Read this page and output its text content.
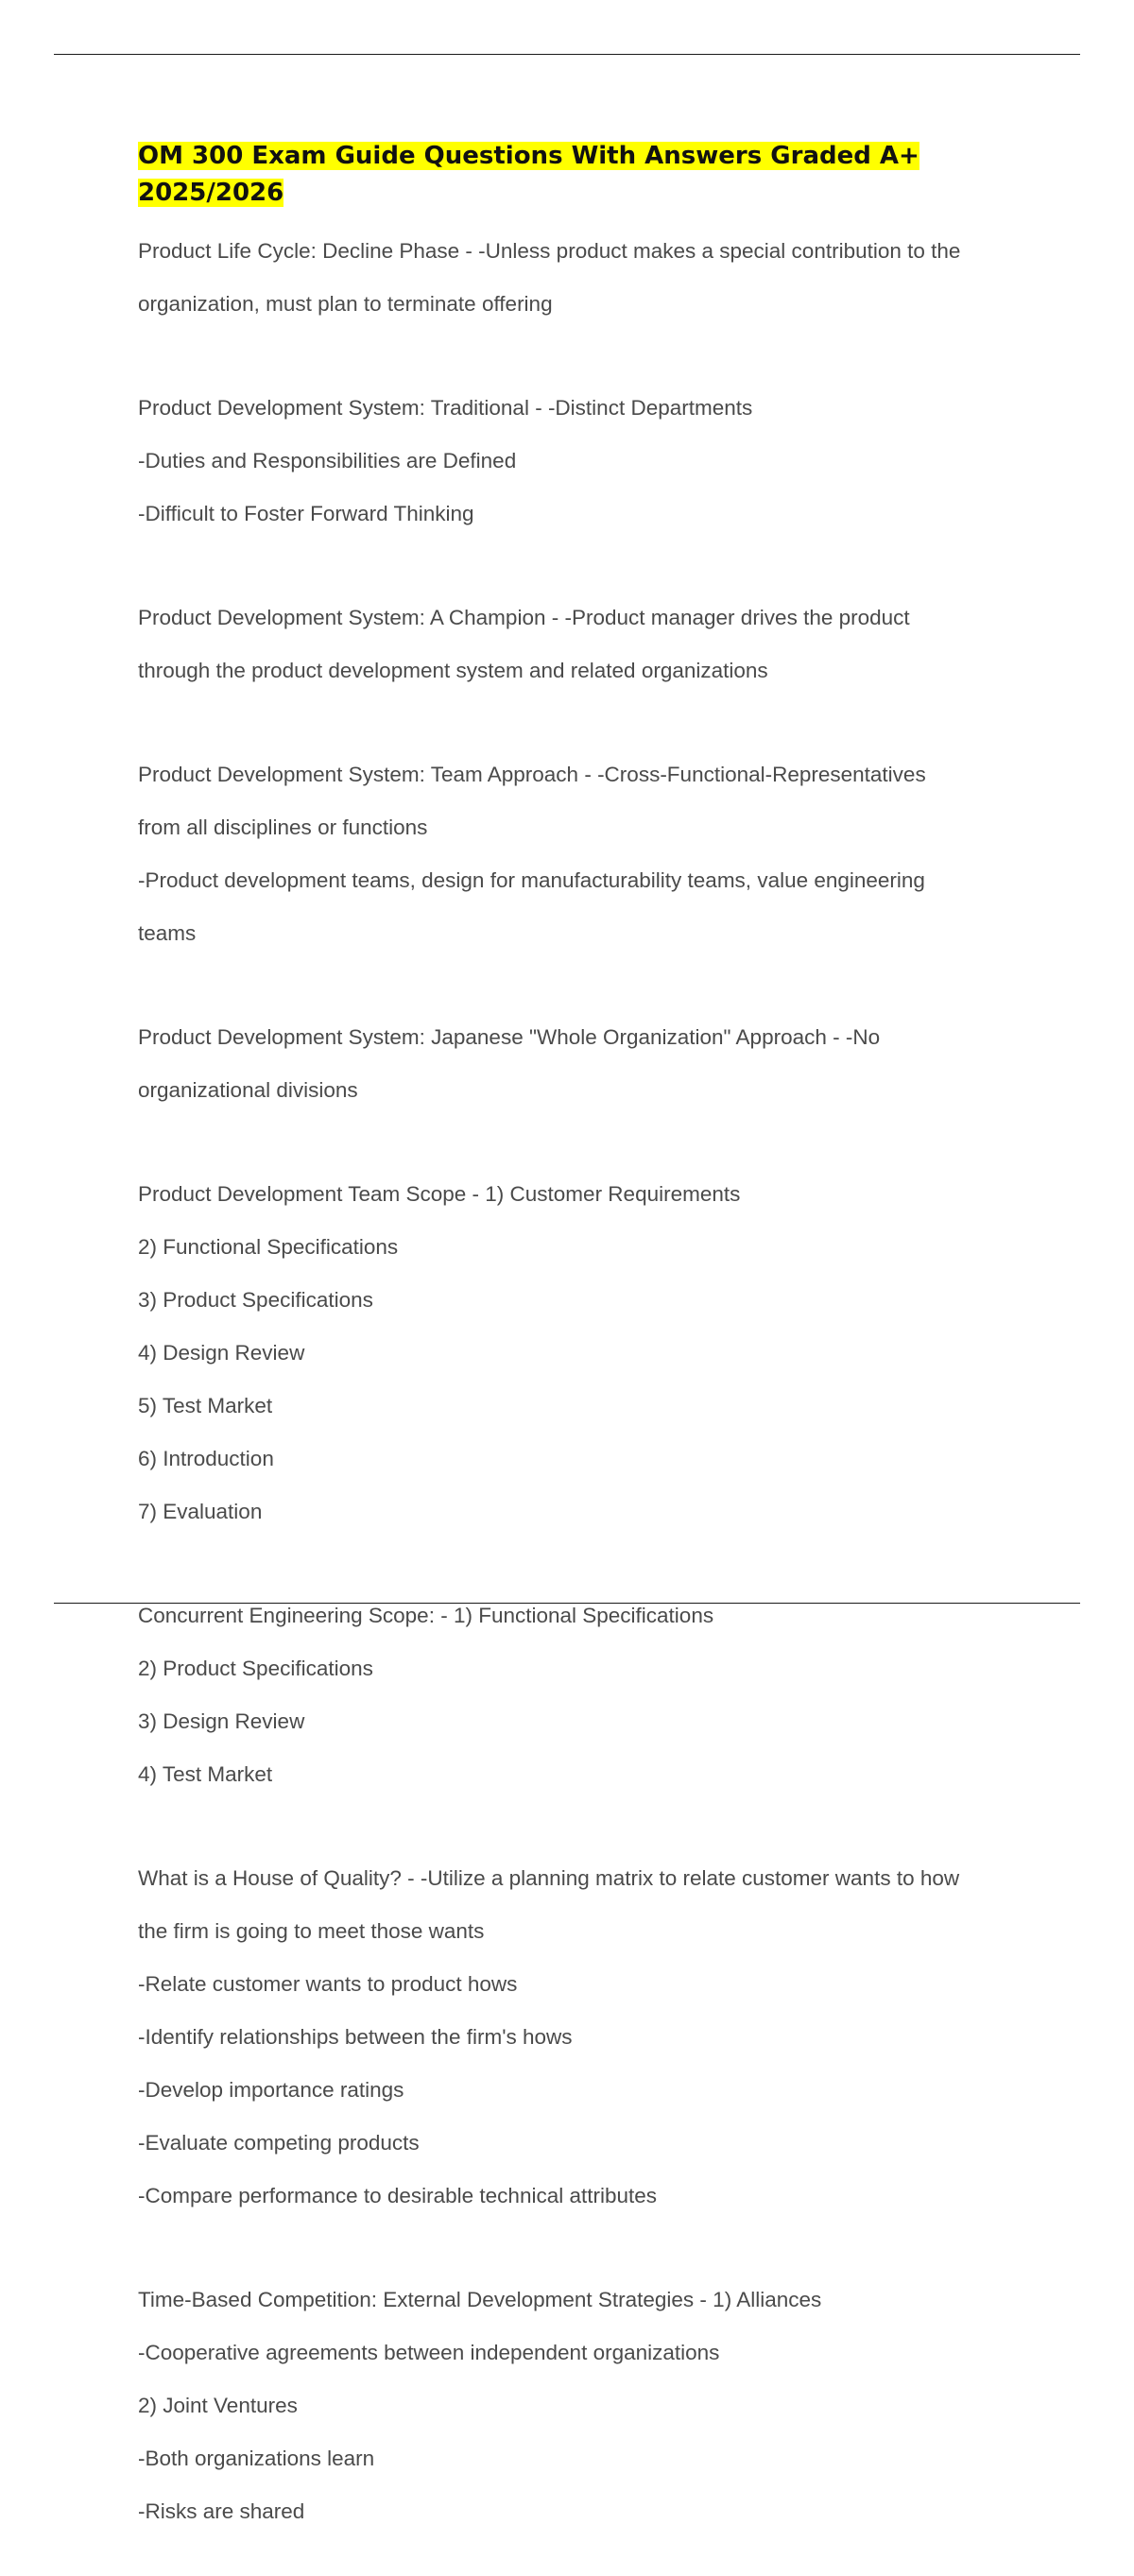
OM 300 Exam Guide Questions With Answers Graded A+
2025/2026

Product Life Cycle: Decline Phase - -Unless product makes a special contribution to the

organization, must plan to terminate offering

Product Development System: Traditional - -Distinct Departments

-Duties and Responsibilities are Defined

-Difficult to Foster Forward Thinking

Product Development System: A Champion - -Product manager drives the product

through the product development system and related organizations

Product Development System: Team Approach - -Cross-Functional-Representatives

from all disciplines or functions

-Product development teams, design for manufacturability teams, value engineering

teams

Product Development System: Japanese "Whole Organization" Approach - -No

organizational divisions

Product Development Team Scope - 1) Customer Requirements

2) Functional Specifications

3) Product Specifications

4) Design Review

5) Test Market

6) Introduction

7) Evaluation

Concurrent Engineering Scope: - 1) Functional Specifications

2) Product Specifications

3) Design Review

4) Test Market

What is a House of Quality? - -Utilize a planning matrix to relate customer wants to how

the firm is going to meet those wants

-Relate customer wants to product hows

-Identify relationships between the firm's hows

-Develop importance ratings

-Evaluate competing products

-Compare performance to desirable technical attributes

Time-Based Competition: External Development Strategies - 1) Alliances

-Cooperative agreements between independent organizations

2) Joint Ventures

-Both organizations learn

-Risks are shared
